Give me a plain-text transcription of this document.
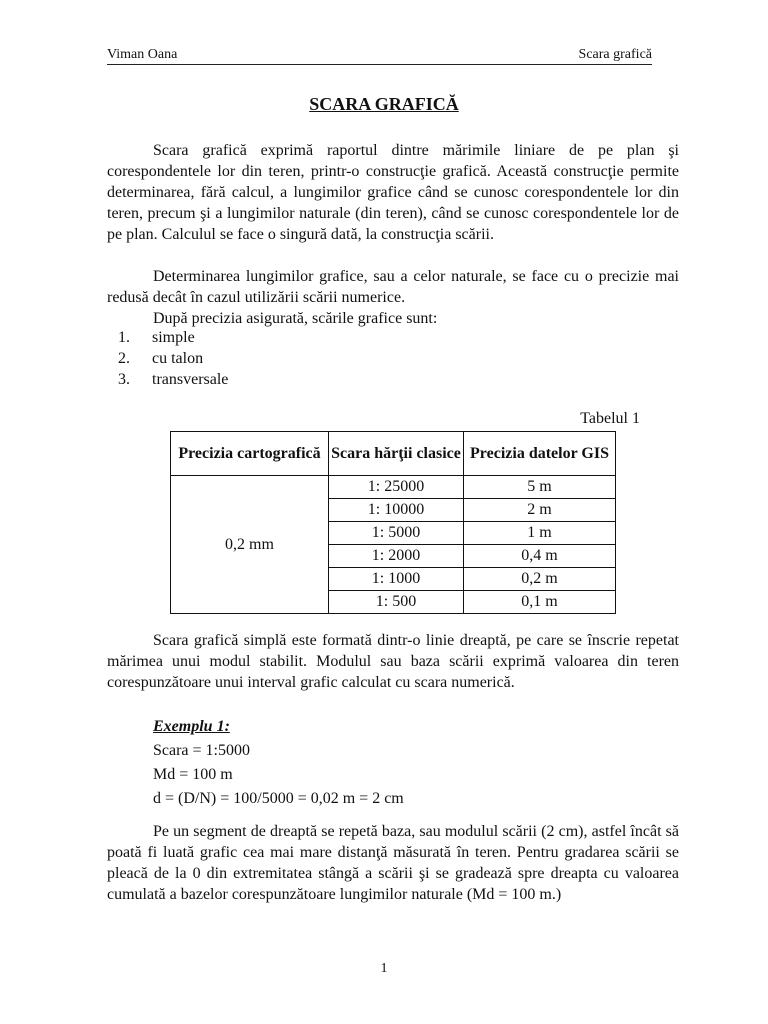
Viman Oana	Scara grafică
SCARA GRAFICĂ

Scara grafică exprimă raportul dintre mărimile liniare de pe plan şi corespondentele lor din teren, printr-o construcţie grafică. Această construcţie permite determinarea, fără calcul, a lungimilor grafice când se cunosc corespondentele lor din teren, precum şi a lungimilor naturale (din teren), când se cunosc corespondentele lor de pe plan. Calculul se face o singură dată, la construcţia scării.

Determinarea lungimilor grafice, sau a celor naturale, se face cu o precizie mai redusă decât în cazul utilizării scării numerice.

După precizia asigurată, scările grafice sunt:

1. simple
2. cu talon
3. transversale
Tabelul 1
Precizia cartografică	Scara hărţii clasice	Precizia datelor GIS
0,2 mm	1: 25000	5 m
	1: 10000	2 m
	1: 5000	1 m
	1: 2000	0,4 m
	1: 1000	0,2 m
	1: 500	0,1 m

Scara grafică simplă este formată dintr-o linie dreaptă, pe care se înscrie repetat mărimea unui modul stabilit. Modulul sau baza scării exprimă valoarea din teren corespunzătoare unui interval grafic calculat cu scara numerică.

Exemplu 1:
Scara = 1:5000
Md = 100 m
d = (D/N) = 100/5000 = 0,02 m = 2 cm

Pe un segment de dreaptă se repetă baza, sau modulul scării (2 cm), astfel încât să poată fi luată grafic cea mai mare distanţă măsurată în teren. Pentru gradarea scării se pleacă de la 0 din extremitatea stângă a scării şi se gradează spre dreapta cu valoarea cumulată a bazelor corespunzătoare lungimilor naturale (Md = 100 m.)

1
